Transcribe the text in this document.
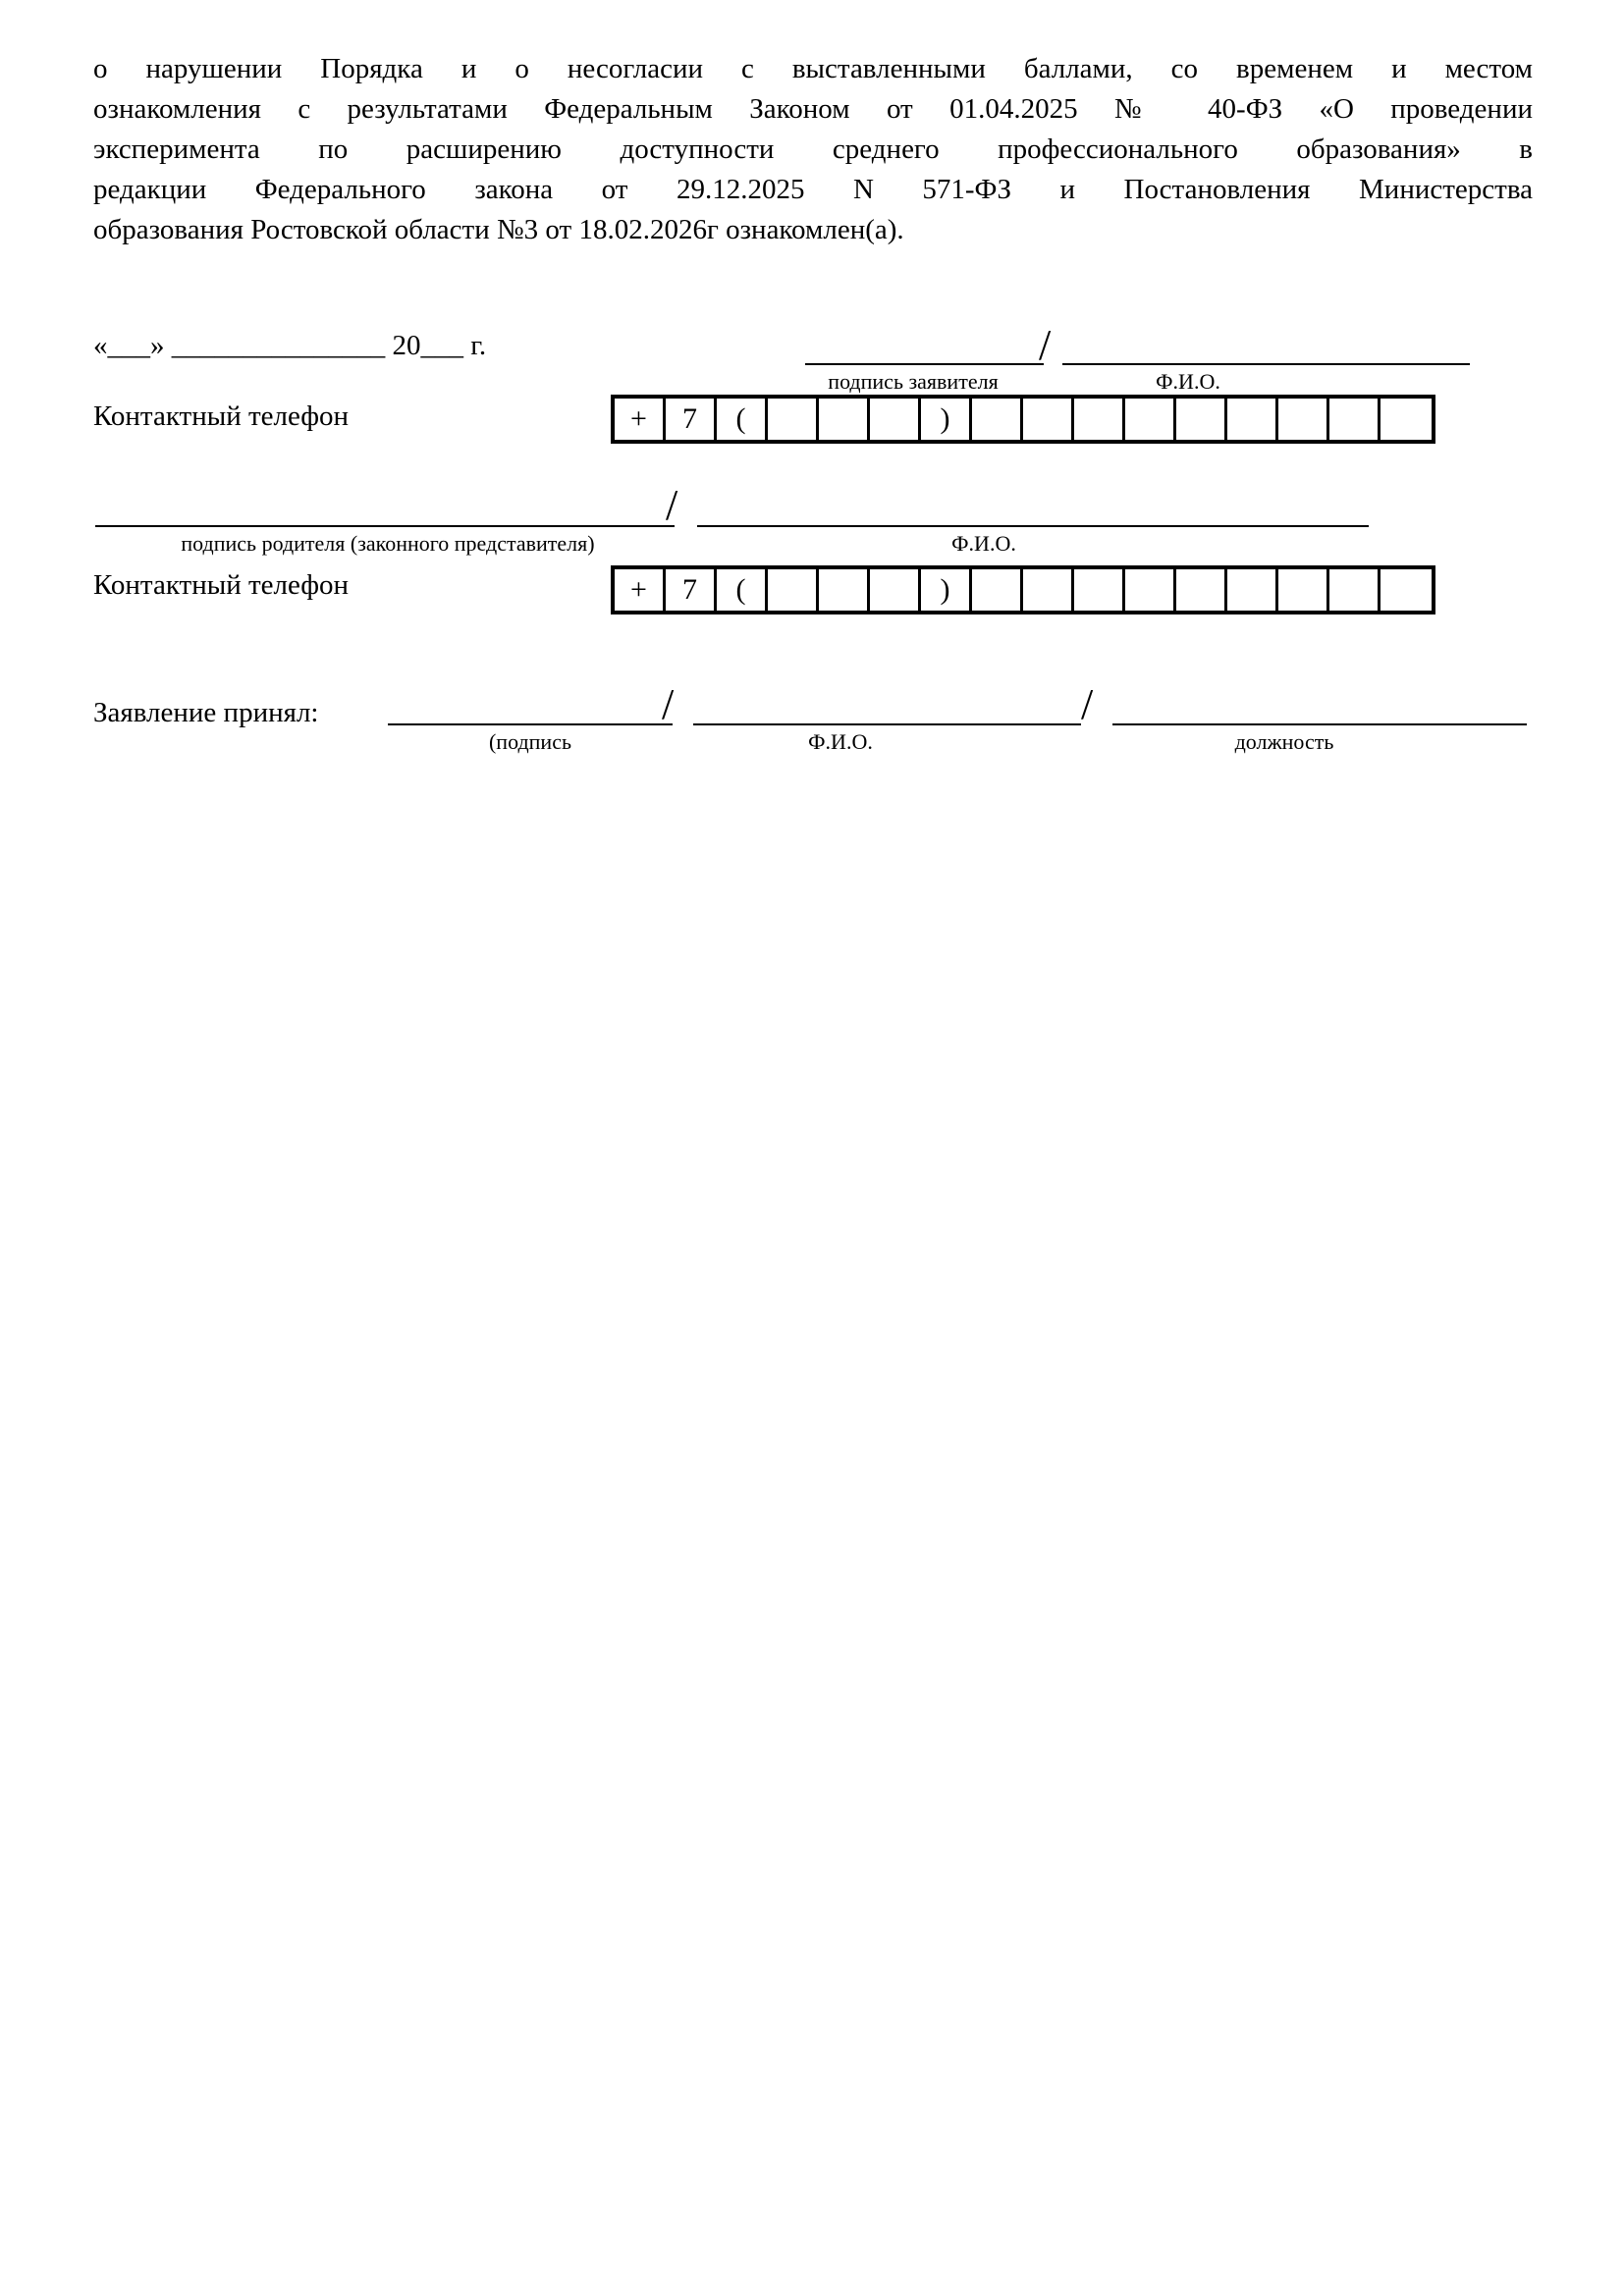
о нарушении Порядка и о несогласии с выставленными баллами, со временем и местом
ознакомления с результатами Федеральным Законом от 01.04.2025 № 40-ФЗ «О проведении
эксперимента по расширению доступности среднего профессионального образования» в
редакции Федерального закона от 29.12.2025 N 571-ФЗ и Постановления Министерства
образования Ростовской области №3 от 18.02.2026г ознакомлен(а).
«___» _______________ 20___ г.	/
подпись заявителя	Ф.И.О.
Контактный телефон	+	7	(	)
/
подпись родителя (законного представителя)	Ф.И.О.
Контактный телефон	+	7	(	)
Заявление принял:	/	/
(подпись	Ф.И.О.	должность
